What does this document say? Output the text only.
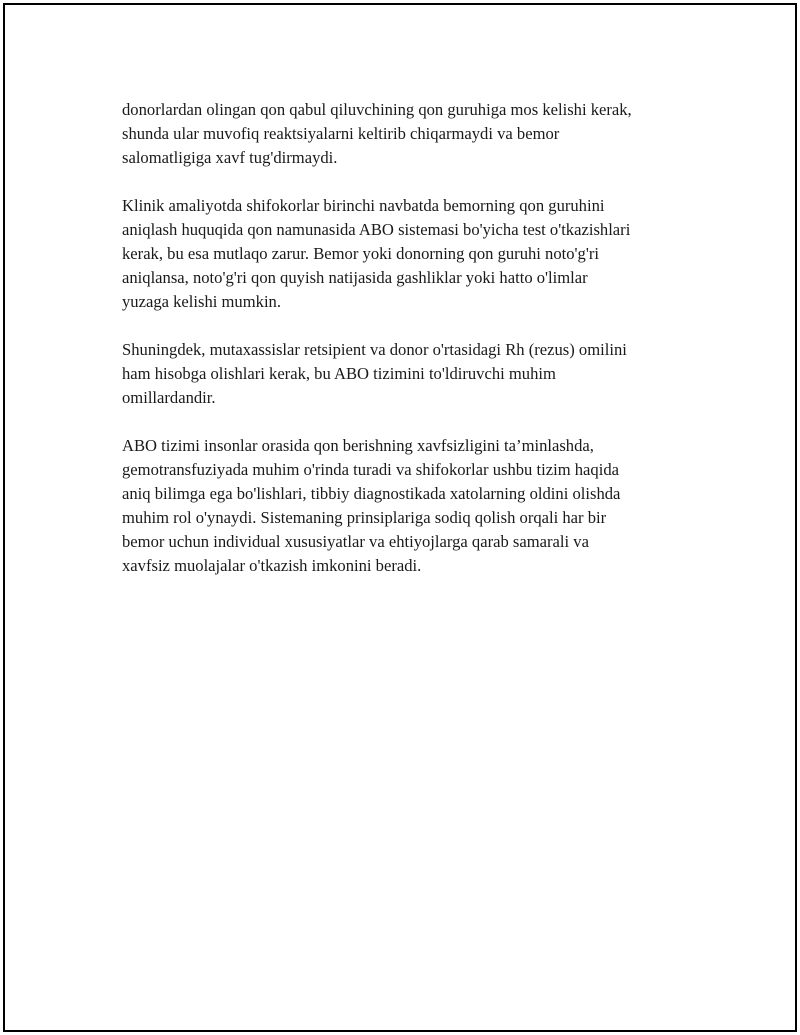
donorlardan olingan qon qabul qiluvchining qon guruhiga mos kelishi kerak,
shunda ular muvofiq reaktsiyalarni keltirib chiqarmaydi va bemor
salomatligiga xavf tug'dirmaydi.

Klinik amaliyotda shifokorlar birinchi navbatda bemorning qon guruhini
aniqlash huquqida qon namunasida ABO sistemasi bo'yicha test o'tkazishlari
kerak, bu esa mutlaqo zarur. Bemor yoki donorning qon guruhi noto'g'ri
aniqlansa, noto'g'ri qon quyish natijasida gashliklar yoki hatto o'limlar
yuzaga kelishi mumkin.

Shuningdek, mutaxassislar retsipient va donor o'rtasidagi Rh (rezus) omilini
ham hisobga olishlari kerak, bu ABO tizimini to'ldiruvchi muhim
omillardandir.

ABO tizimi insonlar orasida qon berishning xavfsizligini ta’minlashda,
gemotransfuziyada muhim o'rinda turadi va shifokorlar ushbu tizim haqida
aniq bilimga ega bo'lishlari, tibbiy diagnostikada xatolarning oldini olishda
muhim rol o'ynaydi. Sistemaning prinsiplariga sodiq qolish orqali har bir
bemor uchun individual xususiyatlar va ehtiyojlarga qarab samarali va
xavfsiz muolajalar o'tkazish imkonini beradi.
